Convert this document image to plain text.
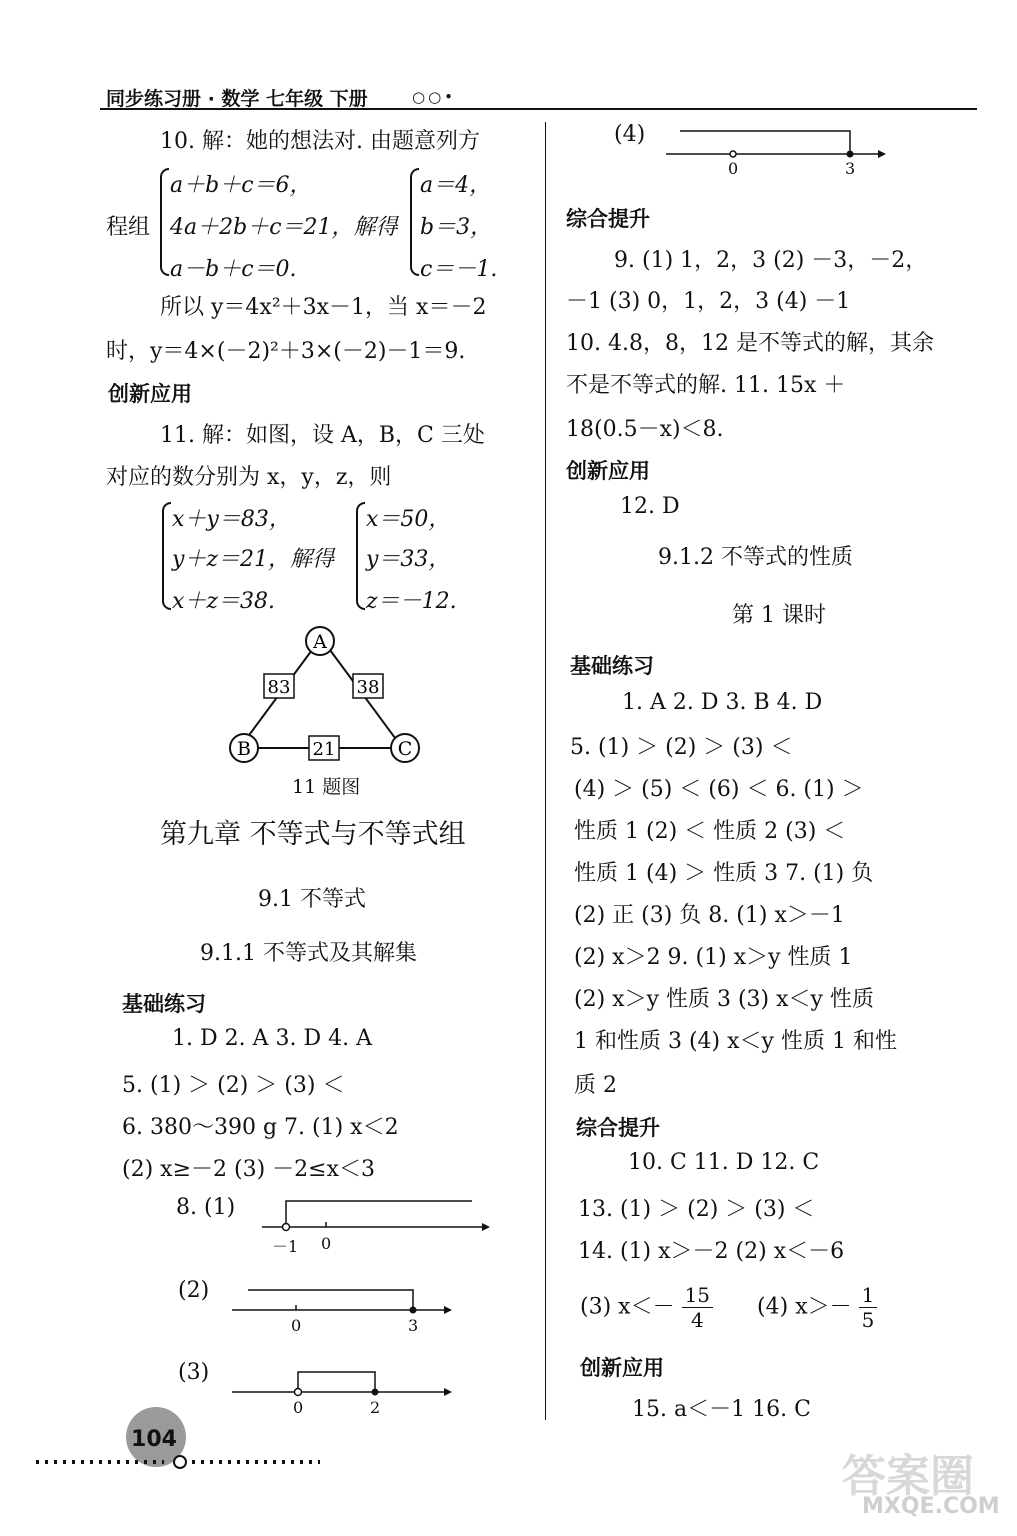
同步练习册 · 数学 七年级 下册	○○•
10. 解：她的想法对. 由题意列方
程组
a＋b＋c＝6，
4a＋2b＋c＝21，解得
a－b＋c＝0.
a＝4，
b＝3，
c＝－1.
所以 y＝4x²＋3x－1，当 x＝－2
时，y＝4×(－2)²＋3×(－2)－1＝9.
创新应用
11. 解：如图，设 A，B，C 三处
对应的数分别为 x，y，z，则
x＋y＝83，
y＋z＝21，解得
x＋z＝38.
x＝50，
y＝33，
z＝－12.
A
B	C
83	38
21
11 题图
第九章 不等式与不等式组
9.1 不等式
9.1.1 不等式及其解集
基础练习
1. D 2. A 3. D 4. A
5. (1) ＞ (2) ＞ (3) ＜
6. 380～390 g 7. (1) x＜2
(2) x≥－2 (3) －2≤x＜3
8. (1)
(2)
(3)
－1 0
0	3
0	2
(4)
0	3
综合提升
9. (1) 1，2，3 (2) －3，－2，
－1 (3) 0，1，2，3 (4) －1
10. 4.8，8，12 是不等式的解，其余
不是不等式的解. 11. 15x ＋
18(0.5－x)＜8.
创新应用
12. D
9.1.2 不等式的性质
第 1 课时
基础练习
1. A 2. D 3. B 4. D
5. (1) ＞ (2) ＞ (3) ＜
(4) ＞ (5) ＜ (6) ＜ 6. (1) ＞
性质 1 (2) ＜ 性质 2 (3) ＜
性质 1 (4) ＞ 性质 3 7. (1) 负
(2) 正 (3) 负 8. (1) x＞－1
(2) x＞2 9. (1) x＞y 性质 1
(2) x＞y 性质 3 (3) x＜y 性质
1 和性质 3 (4) x＜y 性质 1 和性
质 2
综合提升
10. C 11. D 12. C
13. (1) ＞ (2) ＞ (3) ＜
14. (1) x＞－2 (2) x＜－6
(3) $x<- \frac{15}{4} (4)$ $x>- \frac{1}{5}$
创新应用
15. a＜－1 16. C
104
答案圈
MXQE.COM
